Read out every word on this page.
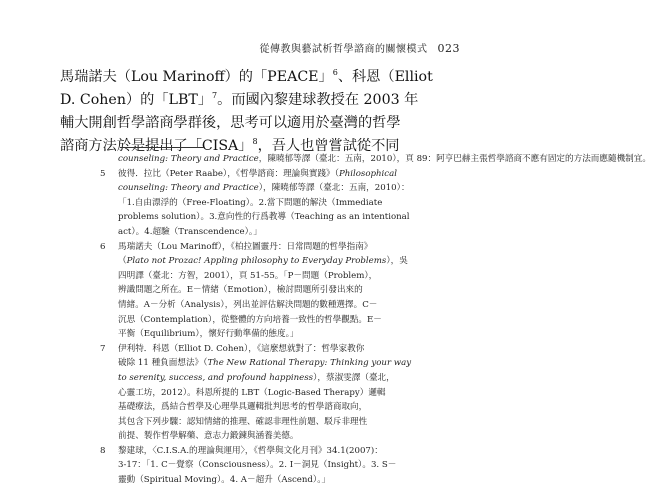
從傳教與藝試析哲學諮商的關懷模式 023
馬瑞諾夫（Lou Marinoff）的「PEACE」$^6$、科恩（Elliot
D. Cohen）的「LBT」$^7$。而國內黎建球教授在 2003 年
輔大開創哲學諮商學群後，思考可以適用於臺灣的哲學
諮商方法於是提出了「CISA」$^8$，吾人也曾嘗試從不同
counseling: Theory and Practice，陳曉郁等譯（臺北：五南，2010）， 頁 89：阿亨巴赫主張哲學諮商不應有固定的方法而應隨機制宜。
5	彼得．拉比（Peter Raabe），《哲學諮商：理論與實踐》（Philosophical
counseling: Theory and Practice），陳曉郁等譯（臺北：五南，2010）：
「1.自由漂浮的（Free-Floating）。2.當下問題的解決（Immediate
problems solution）。3.意向性的行爲教導（Teaching as an intentional
act）。4.超驗（Transcendence）。」
6	馬瑞諾夫（Lou Marinoff），《柏拉圖靈丹：日常問題的哲學指南》
（Plato not Prozac! Appling philosophy to Everyday Problems），吳
四明譯（臺北：方智，2001），頁 51-55。「P－問題（Problem），
辨識問題之所在。E－情緒（Emotion），檢討問題所引發出來的
情緒。A－分析（Analysis），列出並評估解決問題的數種選擇。C－
沉思（Contemplation），從整體的方向培養一致性的哲學觀點。E－
平衡（Equilibrium），懷好行動準備的態度。」
7	伊利特．科恩（Elliot D. Cohen），《這麼想就對了：哲學家教你
破除 11 種負面想法》（The New Rational Therapy: Thinking your way
to serenity, success, and profound happiness），蔡淑雯譯（臺北，
心靈工坊，2012）。科恩所提的 LBT（Logic-Based Therapy）邏輯
基礎療法，爲結合哲學及心理學具邏輯批判思考的哲學諮商取向，
其包含下列步驟：認知情緒的推理、確認非理性前題、駁斥非理性
前提、製作哲學解藥、意志力鍛鍊與涵養美德。
8	黎建球，〈C.I.S.A.的理論與運用〉，《哲學與文化月刊》34.1(2007)：
3-17：「1. C－覺察（Consciousness）。2. I－洞見（Insight）。3. S－
靈動（Spiritual Moving）。4. A－超升（Ascend）。」
